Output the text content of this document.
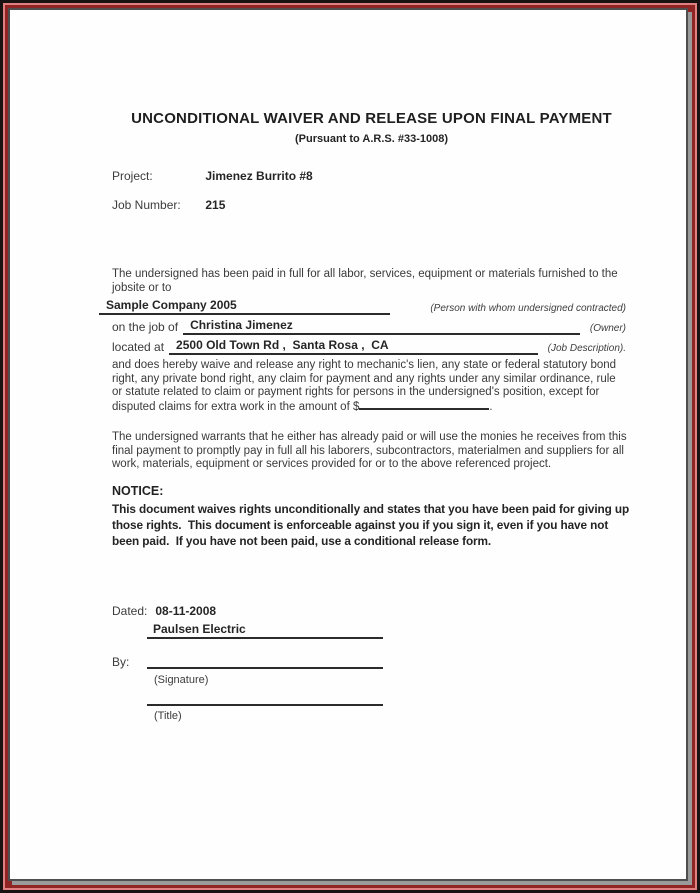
UNCONDITIONAL WAIVER AND RELEASE UPON FINAL PAYMENT
(Pursuant to A.R.S. #33-1008)
Project:	Jimenez Burrito #8
Job Number: 215

The undersigned has been paid in full for all labor, services, equipment or materials furnished to the jobsite or to

Sample Company 2005	(Person with whom undersigned contracted)
on the job of	Christina Jimenez	(Owner)
located at	2500 Old Town Rd ,  Santa Rosa ,  CA	(Job Description).

and does hereby waive and release any right to mechanic's lien, any state or federal statutory bond right, any private bond right, any claim for payment and any rights under any similar ordinance, rule or statute related to claim or payment rights for persons in the undersigned's position, except for disputed claims for extra work in the amount of $	.

The undersigned warrants that he either has already paid or will use the monies he receives from this final payment to promptly pay in full all his laborers, subcontractors, materialmen and suppliers for all work, materials, equipment or services provided for or to the above referenced project.

NOTICE:

This document waives rights unconditionally and states that you have been paid for giving up those rights.  This document is enforceable against you if you sign it, even if you have not been paid.  If you have not been paid, use a conditional release form.

Dated: 08-11-2008
Paulsen Electric
By:
(Signature)
(Title)
